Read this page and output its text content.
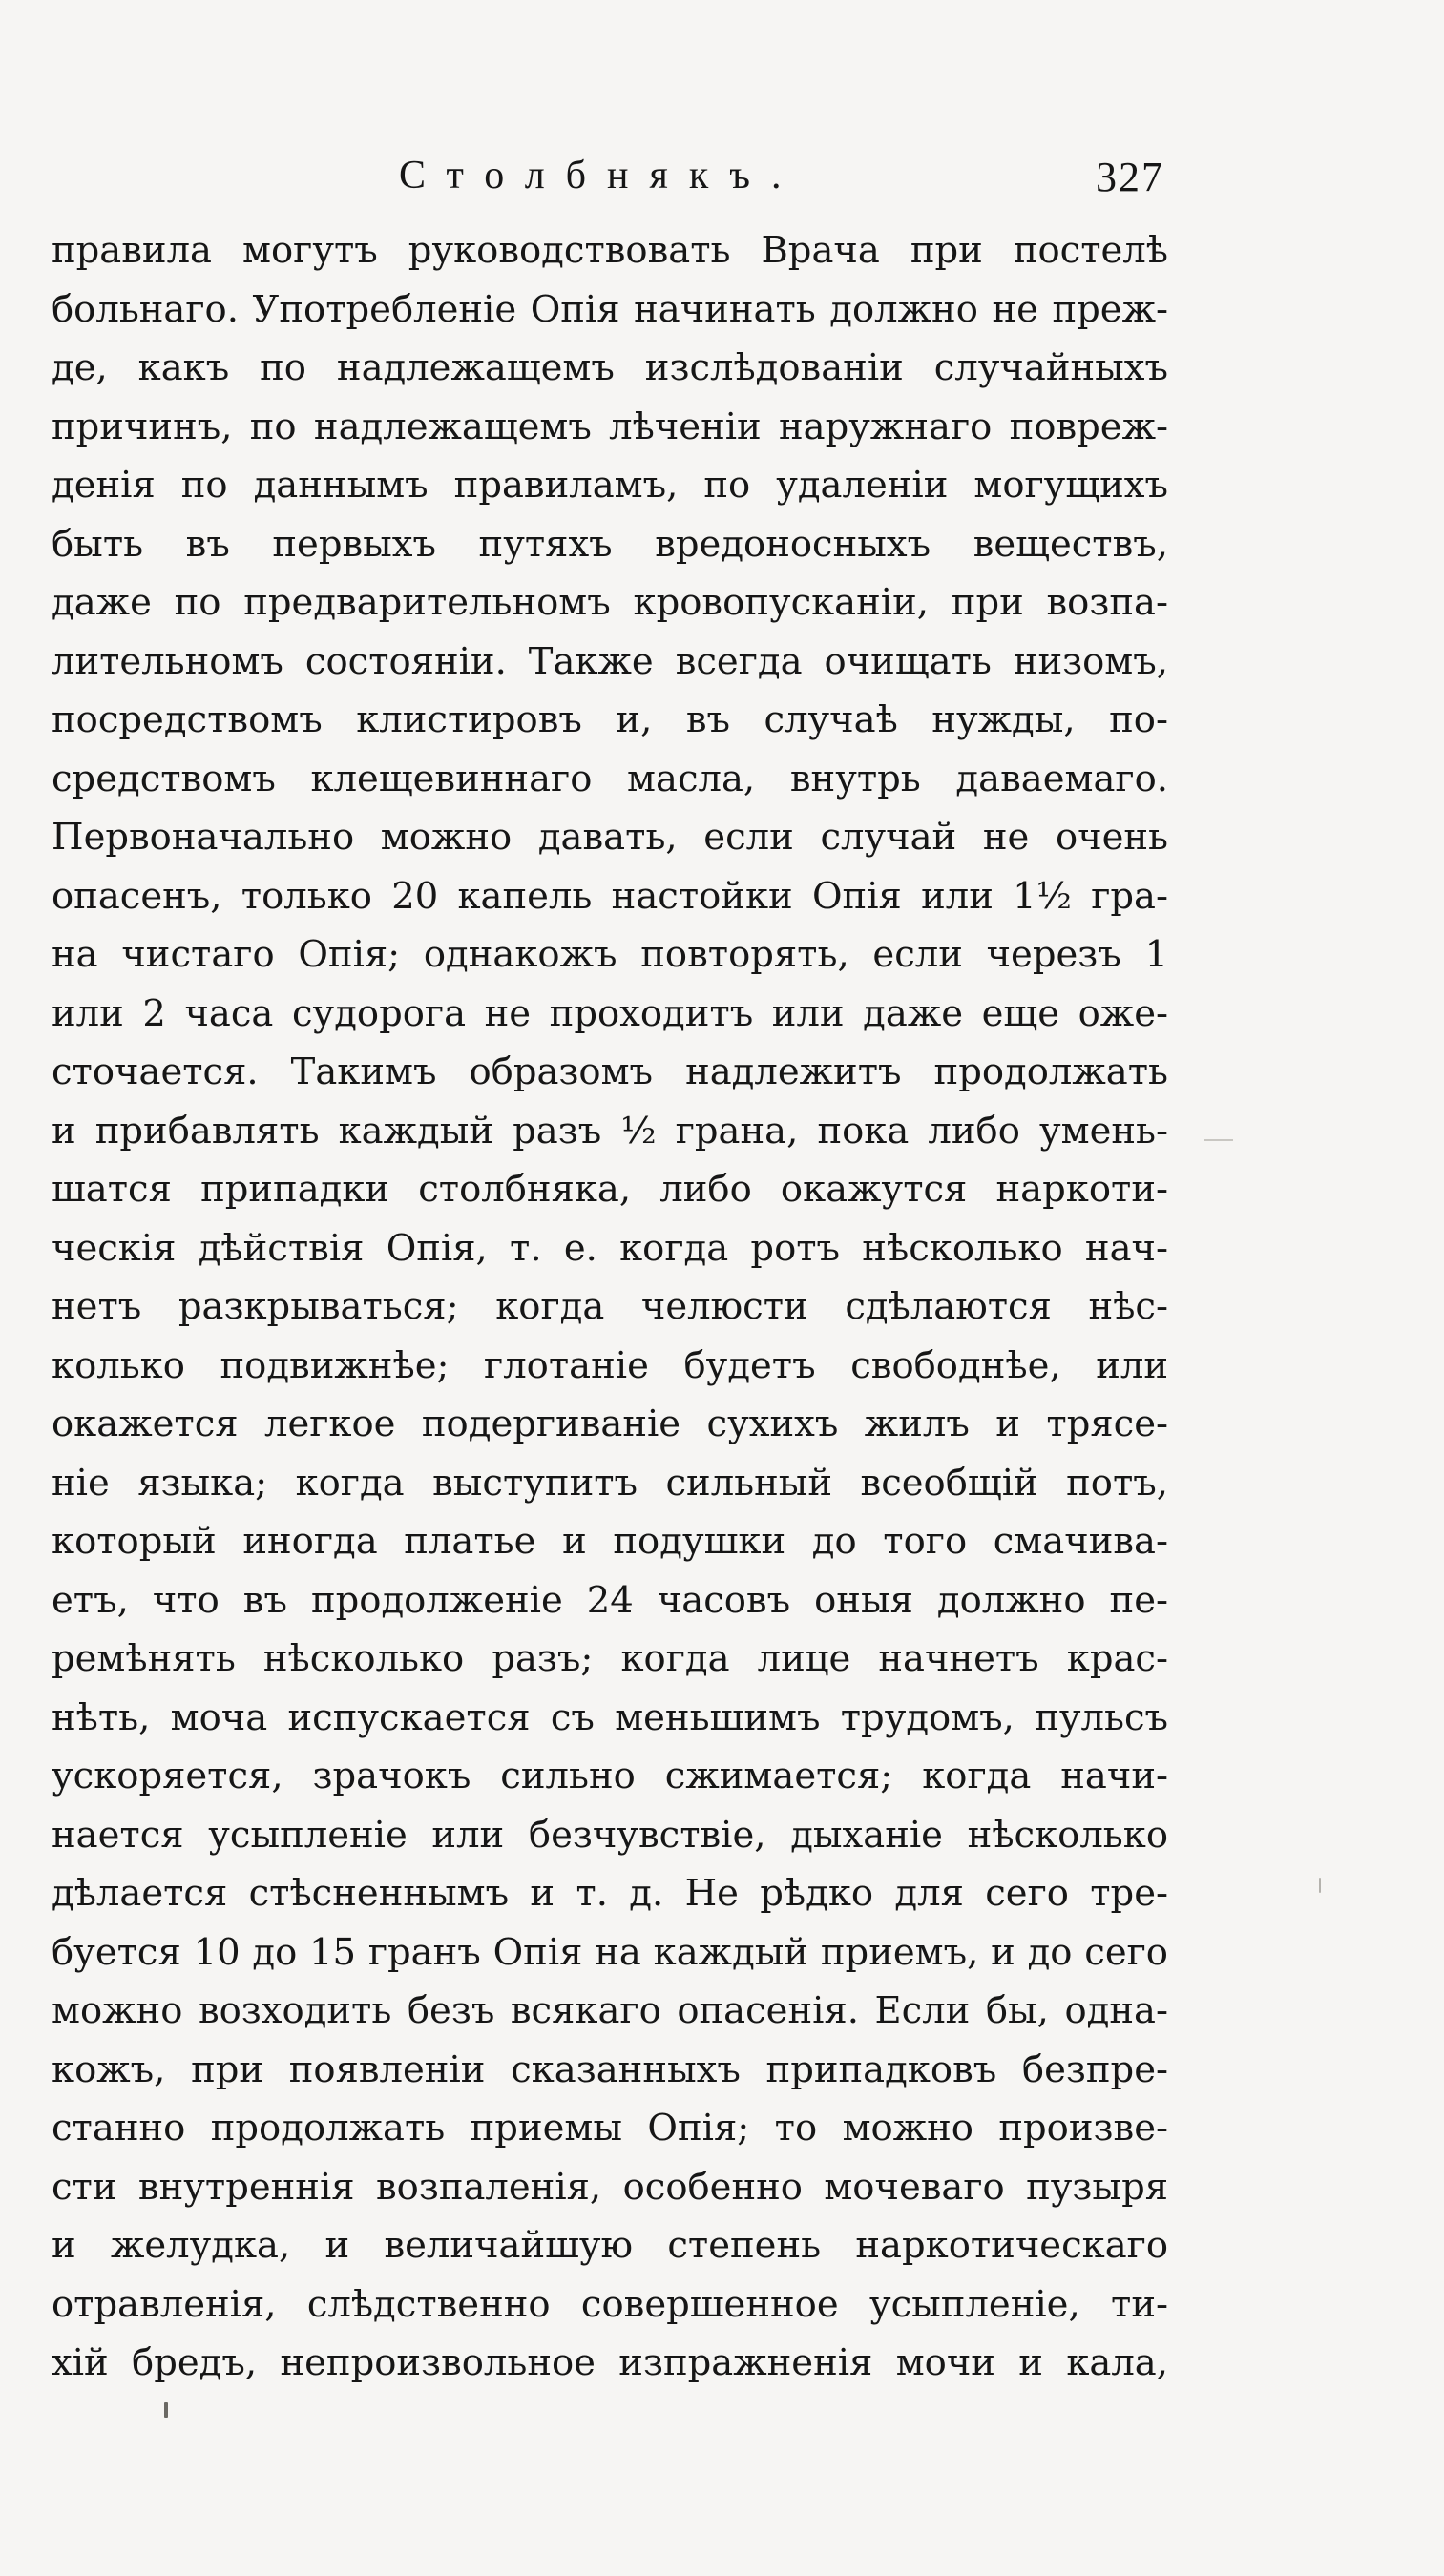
Столбнякъ.	327
правила могутъ руководствовать Врача при постелѣ
больнаго. Употребленіе Опія начинать должно не преж-
де, какъ по надлежащемъ изслѣдованіи случайныхъ
причинъ, по надлежащемъ лѣченіи наружнаго повреж-
денія по даннымъ правиламъ, по удаленіи могущихъ
быть въ первыхъ путяхъ вредоносныхъ веществъ,
даже по предварительномъ кровопусканіи, при возпа-
лительномъ состояніи. Также всегда очищать низомъ,
посредствомъ клистировъ и, въ случаѣ нужды, по-
средствомъ клещевиннаго масла, внутрь даваемаго.
Первоначально можно давать, если случай не очень
опасенъ, только 20 капель настойки Опія или 1½ гра-
на чистаго Опія; однакожъ повторять, если черезъ 1
или 2 часа судорога не проходитъ или даже еще оже-
сточается. Такимъ образомъ надлежитъ продолжать
и прибавлять каждый разъ ½ грана, пока либо умень-
шатся припадки столбняка, либо окажутся наркоти-
ческія дѣйствія Опія, т. е. когда ротъ нѣсколько нач-
нетъ разкрываться; когда челюсти сдѣлаются нѣс-
колько подвижнѣе; глотаніе будетъ свободнѣе, или
окажется легкое подергиваніе сухихъ жилъ и трясе-
ніе языка; когда выступитъ сильный всеобщій потъ,
который иногда платье и подушки до того смачива-
етъ, что въ продолженіе 24 часовъ оныя должно пе-
ремѣнять нѣсколько разъ; когда лице начнетъ крас-
нѣть, моча испускается съ меньшимъ трудомъ, пульсъ
ускоряется, зрачокъ сильно сжимается; когда начи-
нается усыпленіе или безчувствіе, дыханіе нѣсколько
дѣлается стѣсненнымъ и т. д. Не рѣдко для сего тре-
буется 10 до 15 гранъ Опія на каждый приемъ, и до сего
можно возходить безъ всякаго опасенія. Если бы, одна-
кожъ, при появленіи сказанныхъ припадковъ безпре-
станно продолжать приемы Опія; то можно произве-
сти внутреннія возпаленія, особенно мочеваго пузыря
и желудка, и величайшую степень наркотическаго
отравленія, слѣдственно совершенное усыпленіе, ти-
хій бредъ, непроизвольное изпражненія мочи и кала,
